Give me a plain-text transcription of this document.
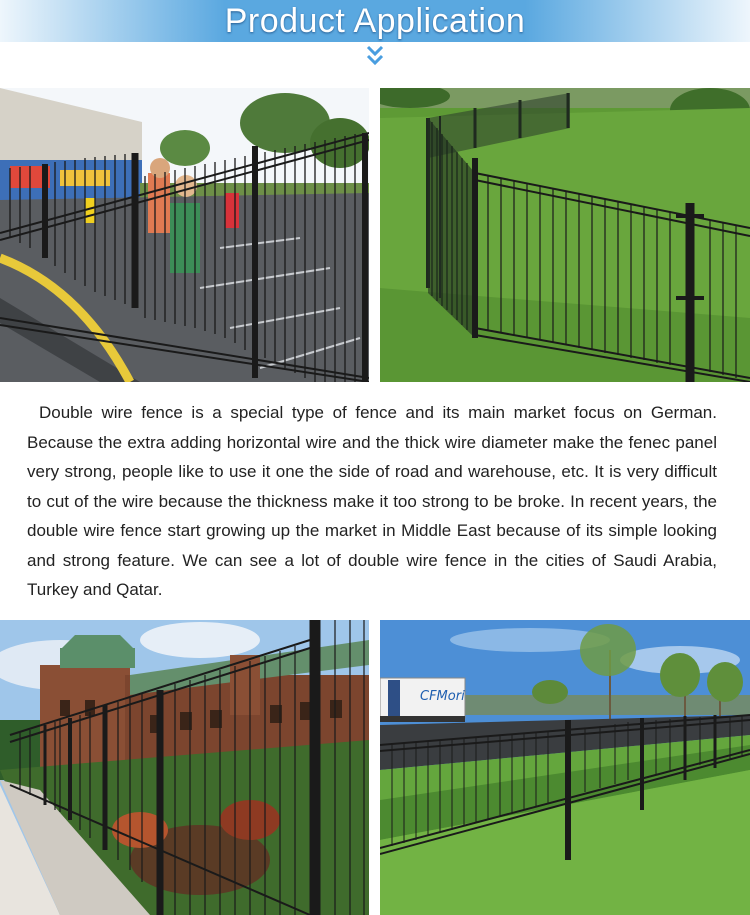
Product Application

Double wire fence is a special type of fence and its main market focus on German. Because the extra adding horizontal wire and the thick wire diameter make the fenec panel very strong, people like to use it one the side of road and warehouse, etc. It is very difficult to cut of the wire because the thickness make it too strong to be broke. In recent years, the double wire fence start growing up the market in Middle East because of its simple looking and strong feature. We can see a lot of double wire fence in the cities of Saudi Arabia, Turkey and Qatar.

CFMori
